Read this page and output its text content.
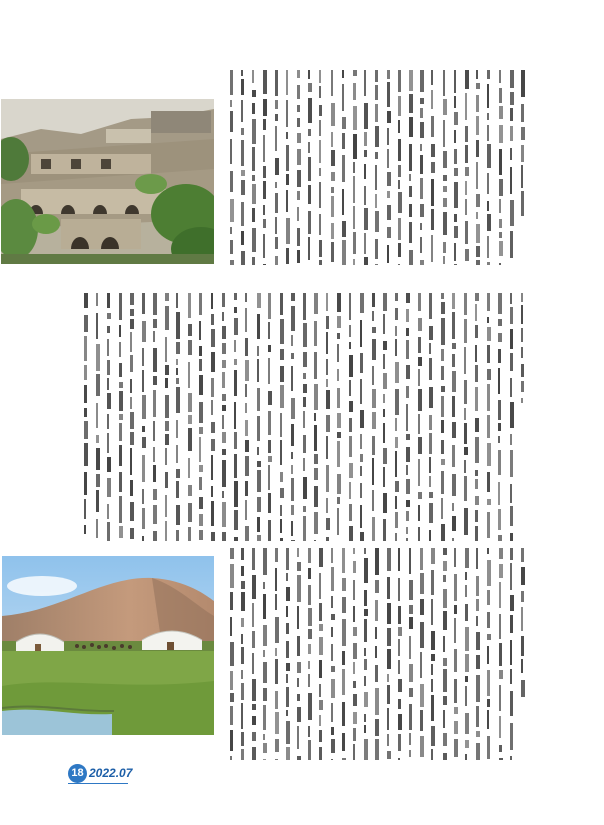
18 2022.07
